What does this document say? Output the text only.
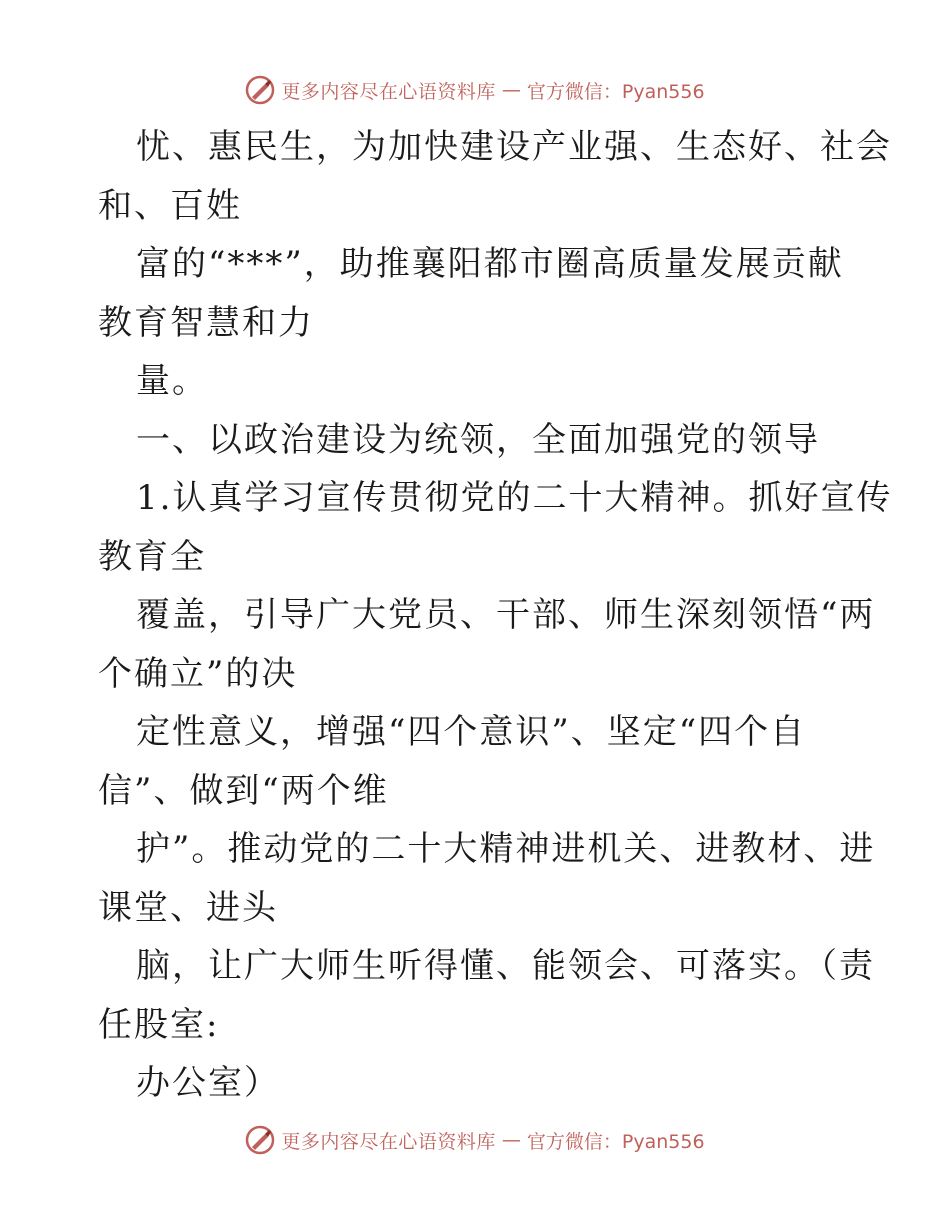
更多内容尽在心语资料库 — 官方微信：Pyan556
忧、惠民生，为加快建设产业强、生态好、社会
和、百姓
富的“***”，助推襄阳都市圈高质量发展贡献
教育智慧和力
量。
一、以政治建设为统领，全面加强党的领导
1.认真学习宣传贯彻党的二十大精神。抓好宣传
教育全
覆盖，引导广大党员、干部、师生深刻领悟“两
个确立”的决
定性意义，增强“四个意识”、坚定“四个自
信”、做到“两个维
护”。推动党的二十大精神进机关、进教材、进
课堂、进头
脑，让广大师生听得懂、能领会、可落实。（责
任股室:
办公室）
更多内容尽在心语资料库 — 官方微信：Pyan556
